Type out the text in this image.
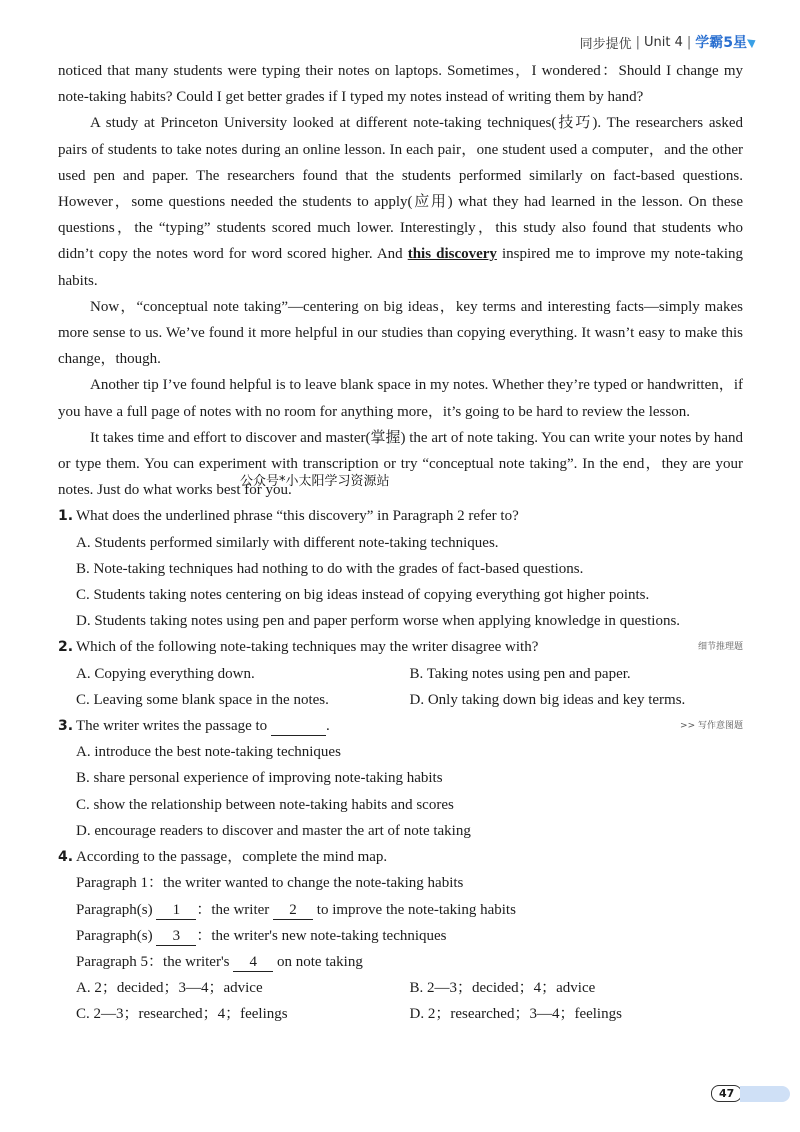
同步提优 | Unit 4 | 学霸5星
公众号*小太阳学习资源站

noticed that many students were typing their notes on laptops. Sometimes，I wondered：Should I change my note-taking habits? Could I get better grades if I typed my notes instead of writing them by hand?

A study at Princeton University looked at different note-taking techniques(技巧). The researchers asked pairs of students to take notes during an online lesson. In each pair，one student used a computer，and the other used pen and paper. The researchers found that the students performed similarly on fact-based questions. However，some questions needed the students to apply(应用) what they had learned in the lesson. On these questions，the “typing” students scored much lower. Interestingly，this study also found that students who didn’t copy the notes word for word scored higher. And this discovery inspired me to improve my note-taking habits.

Now，“conceptual note taking”—centering on big ideas，key terms and interesting facts—simply makes more sense to us. We’ve found it more helpful in our studies than copying everything. It wasn’t easy to make this change，though.

Another tip I’ve found helpful is to leave blank space in my notes. Whether they’re typed or handwritten，if you have a full page of notes with no room for anything more，it’s going to be hard to review the lesson.

It takes time and effort to discover and master(掌握) the art of note taking. You can write your notes by hand or type them. You can experiment with transcription or try “conceptual note taking”. In the end，they are your notes. Just do what works best for you.

1. What does the underlined phrase “this discovery” in Paragraph 2 refer to?
A. Students performed similarly with different note-taking techniques.
B. Note-taking techniques had nothing to do with the grades of fact-based questions.
C. Students taking notes centering on big ideas instead of copying everything got higher points.
D. Students taking notes using pen and paper perform worse when applying knowledge in questions.
2. Which of the following note-taking techniques may the writer disagree with?	细节推理题
A. Copying everything down.	B. Taking notes using pen and paper.
C. Leaving some blank space in the notes.	D. Only taking down big ideas and key terms.
3. The writer writes the passage to	.	>> 写作意图题
A. introduce the best note-taking techniques
B. share personal experience of improving note-taking habits
C. show the relationship between note-taking habits and scores
D. encourage readers to discover and master the art of note taking
4. According to the passage，complete the mind map.
Paragraph 1：the writer wanted to change the note-taking habits
Paragraph(s) 1 ：the writer 2 to improve the note-taking habits
Paragraph(s) 3 ：the writer's new note-taking techniques
Paragraph 5：the writer's 4 on note taking
A. 2；decided；3—4；advice	B. 2—3；decided；4；advice
C. 2—3；researched；4；feelings	D. 2；researched；3—4；feelings
47
